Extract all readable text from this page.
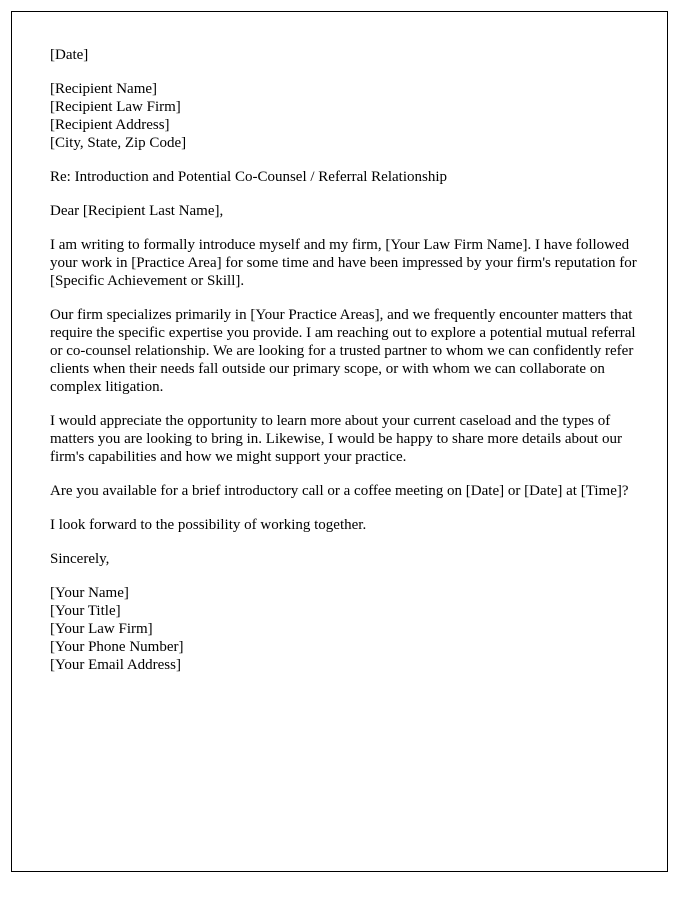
[Date]

[Recipient Name]
[Recipient Law Firm]
[Recipient Address]
[City, State, Zip Code]

Re: Introduction and Potential Co-Counsel / Referral Relationship

Dear [Recipient Last Name],

I am writing to formally introduce myself and my firm, [Your Law Firm Name]. I have followed your work in [Practice Area] for some time and have been impressed by your firm's reputation for [Specific Achievement or Skill].

Our firm specializes primarily in [Your Practice Areas], and we frequently encounter matters that require the specific expertise you provide. I am reaching out to explore a potential mutual referral or co-counsel relationship. We are looking for a trusted partner to whom we can confidently refer clients when their needs fall outside our primary scope, or with whom we can collaborate on complex litigation.

I would appreciate the opportunity to learn more about your current caseload and the types of matters you are looking to bring in. Likewise, I would be happy to share more details about our firm's capabilities and how we might support your practice.

Are you available for a brief introductory call or a coffee meeting on [Date] or [Date] at [Time]?

I look forward to the possibility of working together.

Sincerely,

[Your Name]
[Your Title]
[Your Law Firm]
[Your Phone Number]
[Your Email Address]
